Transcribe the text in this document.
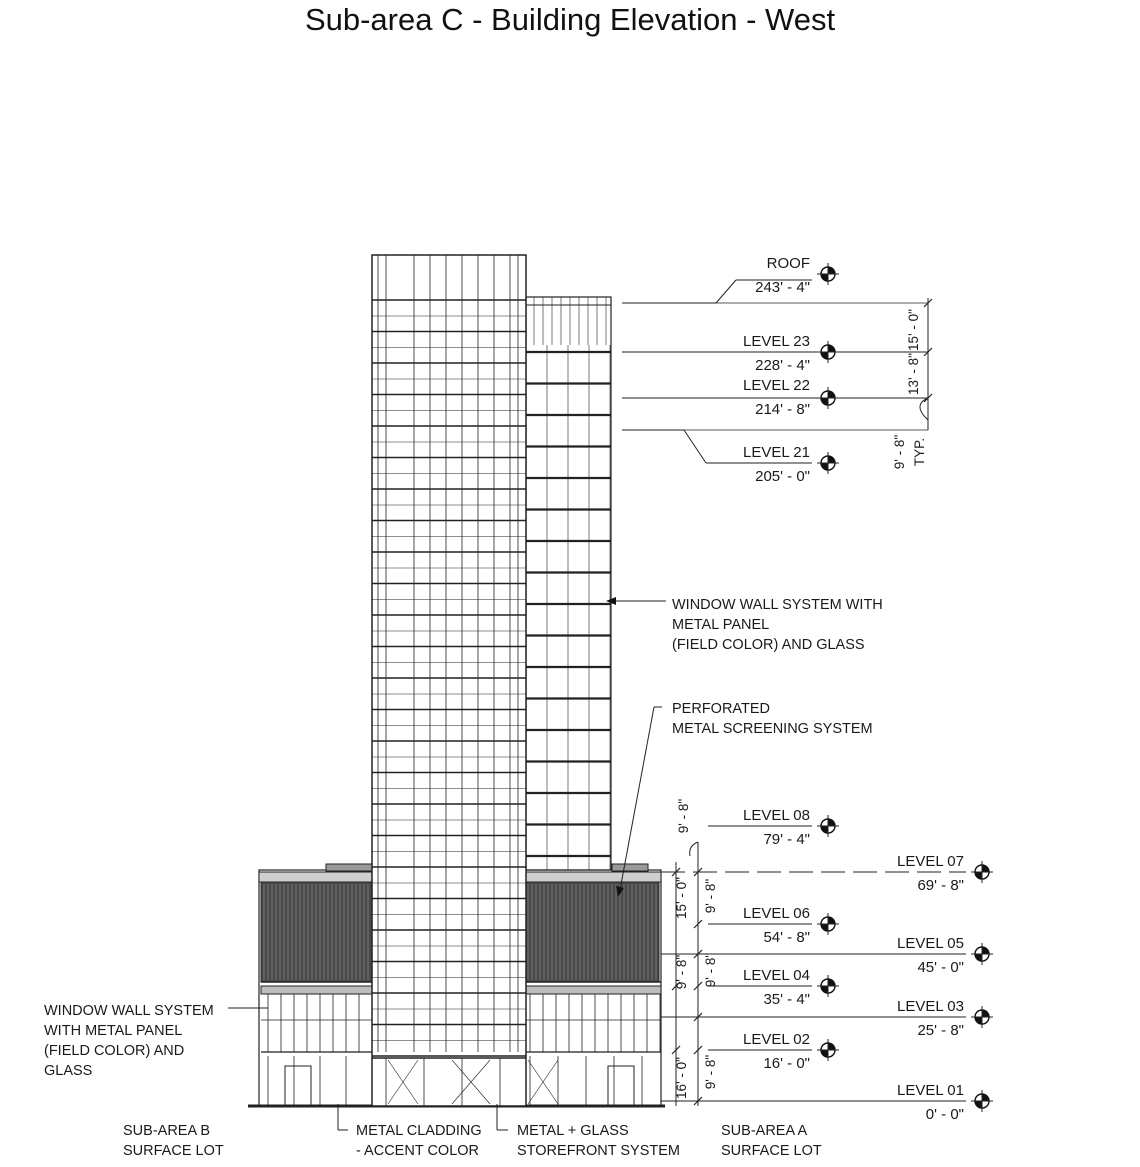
Sub-area C - Building Elevation - West
ROOF
243' - 4"
LEVEL 23
228' - 4"
LEVEL 22
214' - 8"
LEVEL 21
205' - 0"
LEVEL 08
79' - 4"
LEVEL 06
54' - 8"
LEVEL 04
35' - 4"
LEVEL 02
16' - 0"
LEVEL 07
69' - 8"
LEVEL 05
45' - 0"
LEVEL 03
25' - 8"
LEVEL 01
0' - 0"
15' - 0"
13' - 8"
9' - 8" TYP.
9' - 8"
9' - 8"
15' - 0"
9' - 8"
9' - 8"
9' - 8"
16' - 0"
WINDOW WALL SYSTEM WITH
METAL PANEL
(FIELD COLOR) AND GLASS
PERFORATED
METAL SCREENING SYSTEM
WINDOW WALL SYSTEM
WITH METAL PANEL
(FIELD COLOR) AND
GLASS
SUB-AREA B
SURFACE LOT
METAL CLADDING
- ACCENT COLOR
METAL + GLASS
STOREFRONT SYSTEM
SUB-AREA A
SURFACE LOT
